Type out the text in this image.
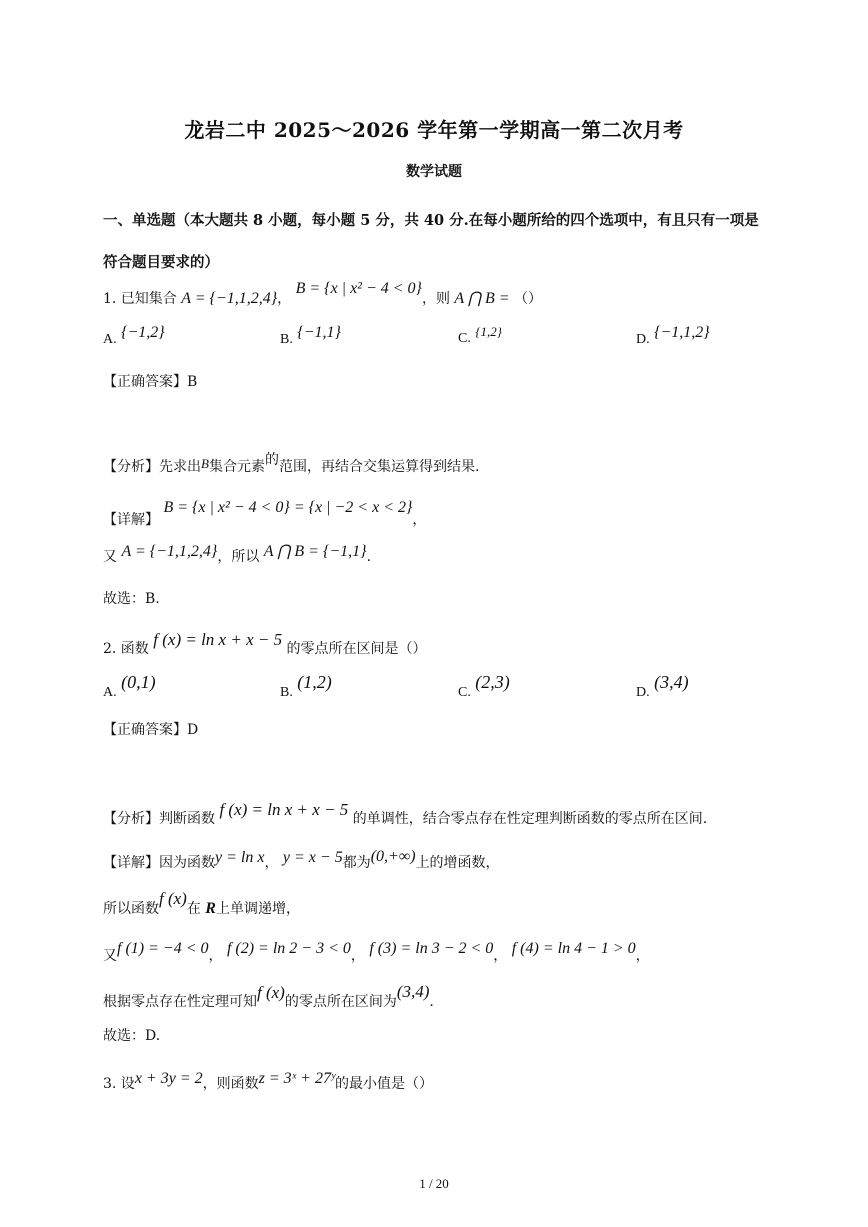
龙岩二中 2025～2026 学年第一学期高一第二次月考
数学试题
一、单选题（本大题共 8 小题，每小题 5 分，共 40 分.在每小题所给的四个选项中，有且只有一项是符合题目要求的）
1. 已知集合 A = {−1,1,2,4}， B = {x | x² − 4 < 0}，则 A ⋂ B = （）
A. {−1,2}	B. {−1,1}	C. {1,2}
D. {−1,1,2}
【正确答案】B
【分析】先求出B集合元素的范围，再结合交集运算得到结果.
【详解】 B = {x | x² − 4 < 0} = {x | −2 < x < 2}，
又 A = {−1,1,2,4}，所以 A ⋂ B = {−1,1}.
故选：B.
2. 函数 f (x) = ln x + x − 5 的零点所在区间是（）
A. (0,1)
B. (1,2)
C. (2,3)
D. (3,4)
【正确答案】D
【分析】判断函数 f (x) = ln x + x − 5 的单调性，结合零点存在性定理判断函数的零点所在区间.
【详解】因为函数y = ln x， y = x − 5都为(0,+∞)上的增函数，
所以函数f (x)在 R上单调递增，
又f (1) = −4 < 0， f (2) = ln 2 − 3 < 0， f (3) = ln 3 − 2 < 0， f (4) = ln 4 − 1 > 0，
根据零点存在性定理可知f (x)的零点所在区间为(3,4).
故选：D.
3. 设x + 3y = 2，则函数z = 3ˣ + 27ʸ的最小值是（）
1 / 20
